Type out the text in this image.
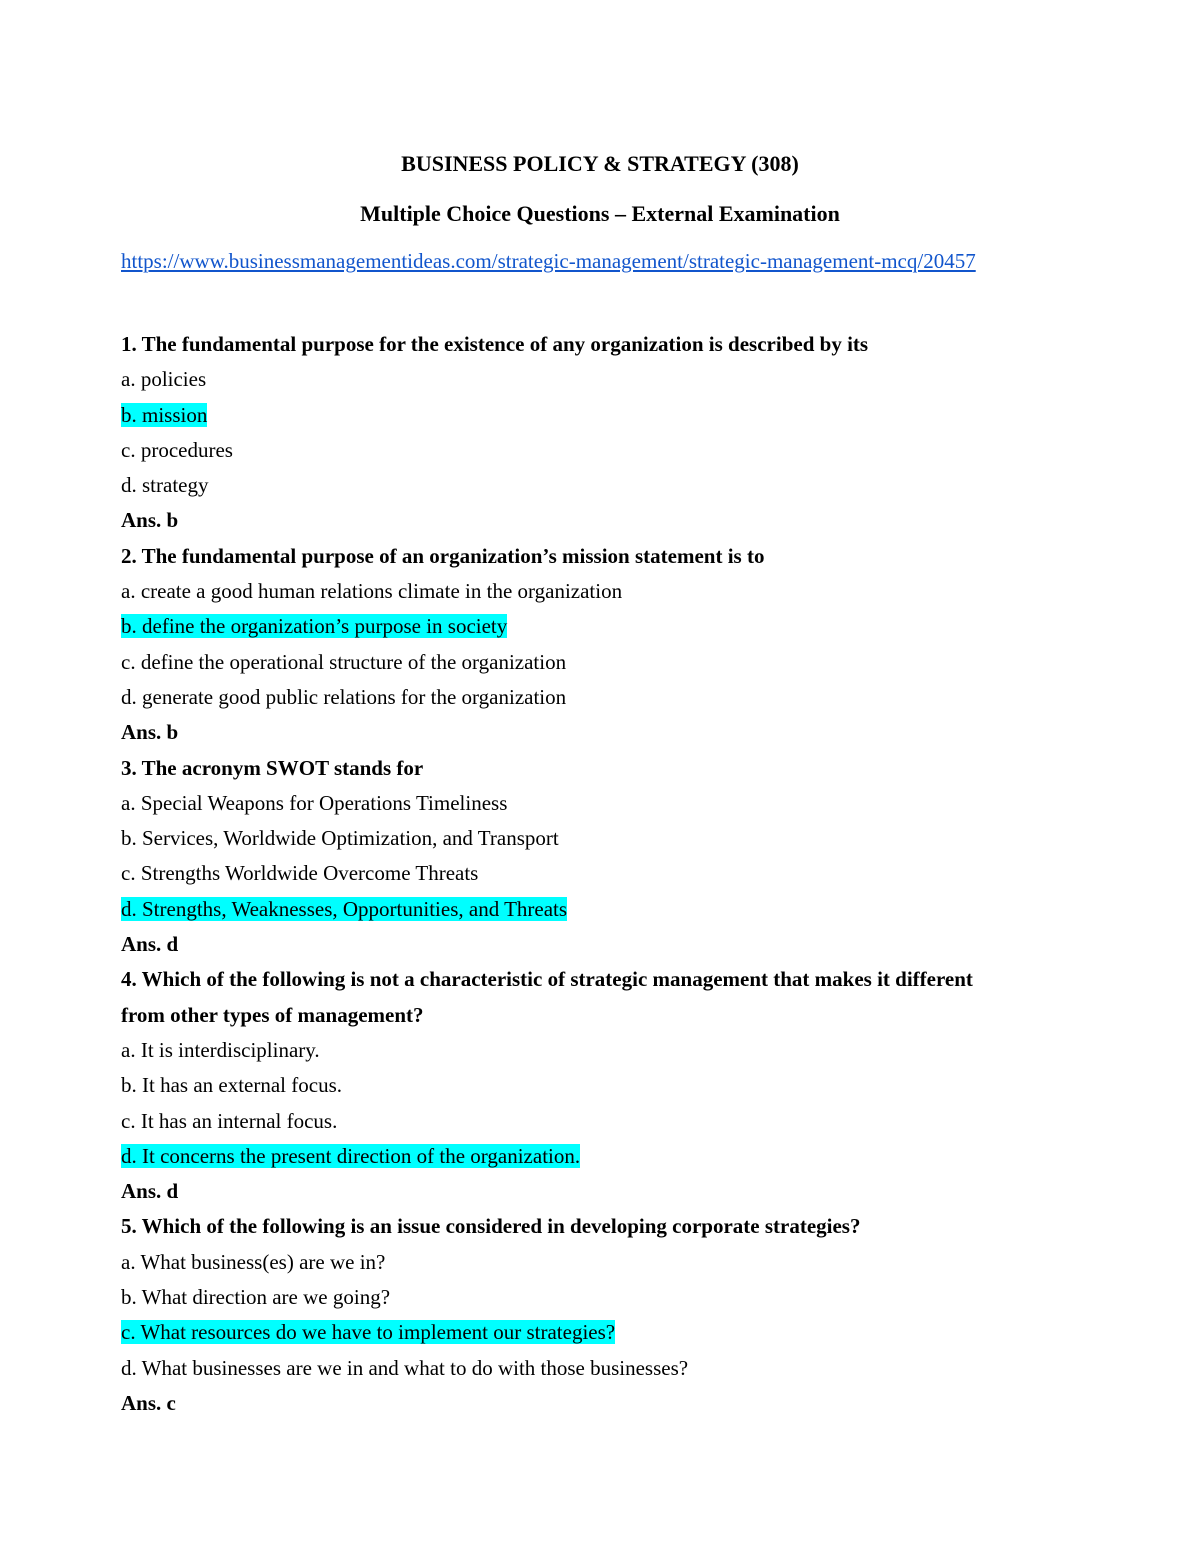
BUSINESS POLICY & STRATEGY (308)
Multiple Choice Questions – External Examination
https://www.businessmanagementideas.com/strategic-management/strategic-management-mcq/20457
1. The fundamental purpose for the existence of any organization is described by its
a. policies
b. mission
c. procedures
d. strategy
Ans. b
2. The fundamental purpose of an organization’s mission statement is to
a. create a good human relations climate in the organization
b. define the organization’s purpose in society
c. define the operational structure of the organization
d. generate good public relations for the organization
Ans. b
3. The acronym SWOT stands for
a. Special Weapons for Operations Timeliness
b. Services, Worldwide Optimization, and Transport
c. Strengths Worldwide Overcome Threats
d. Strengths, Weaknesses, Opportunities, and Threats
Ans. d
4. Which of the following is not a characteristic of strategic management that makes it different from other types of management?
a. It is interdisciplinary.
b. It has an external focus.
c. It has an internal focus.
d. It concerns the present direction of the organization.
Ans. d
5. Which of the following is an issue considered in developing corporate strategies?
a. What business(es) are we in?
b. What direction are we going?
c. What resources do we have to implement our strategies?
d. What businesses are we in and what to do with those businesses?
Ans. c
